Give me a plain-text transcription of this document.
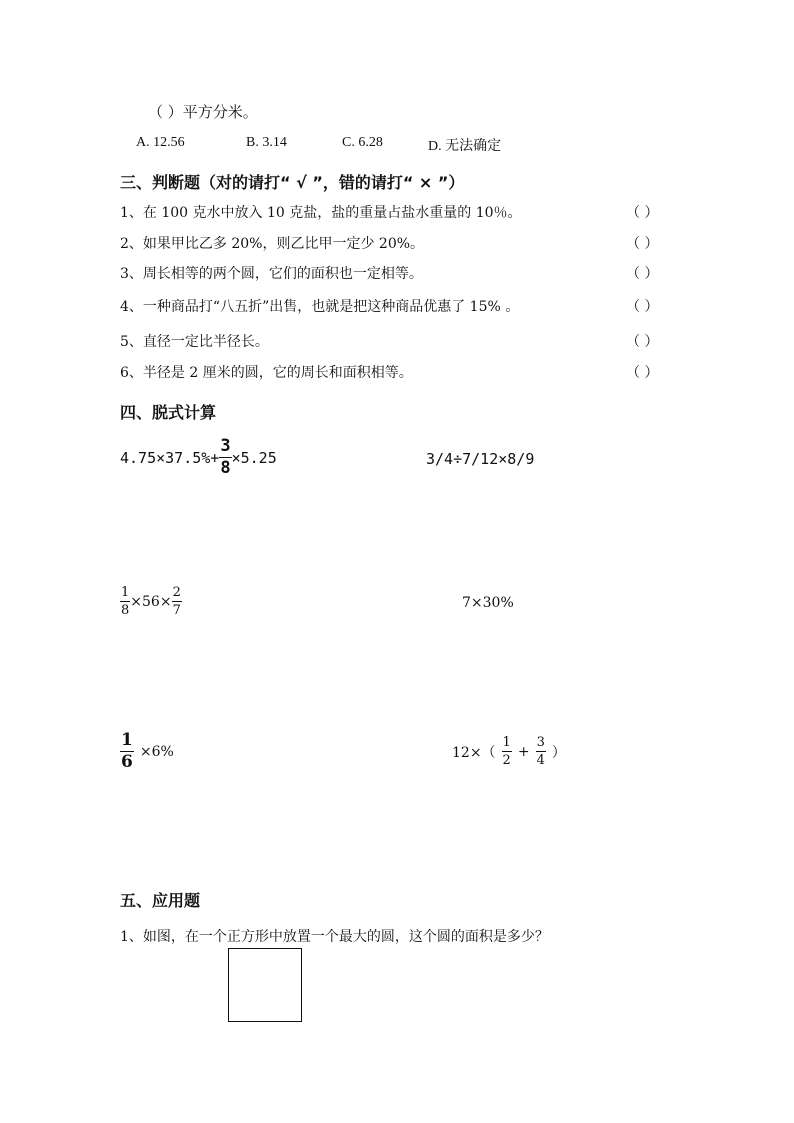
（ ）平方分米。
A. 12.56	B. 3.14	C. 6.28	D. 无法确定
三、判断题（对的请打“ √ ”，错的请打“ × ”）
1、在 100 克水中放入 10 克盐，盐的重量占盐水重量的 10％。	（ ）
2、如果甲比乙多 20%，则乙比甲一定少 20%。	（ ）
3、周长相等的两个圆，它们的面积也一定相等。	（ ）
4、一种商品打“八五折”出售，也就是把这种商品优惠了 15% 。	（ ）
5、直径一定比半径长。	（ ）
6、半径是 2 厘米的圆，它的周长和面积相等。	（ ）
四、脱式计算
$4.75\times 37.5\%+ \frac{3}{8} \times 5.25$	3/4÷7/12×8/9
$\frac{1}{8} \times 56\times \frac{2}{7}$	7×30%
$\frac{1}{6} \times 6\%$	$12\times( \frac{1}{2} + \frac{3}{4}$ ）
五、应用题
1、如图，在一个正方形中放置一个最大的圆，这个圆的面积是多少？
